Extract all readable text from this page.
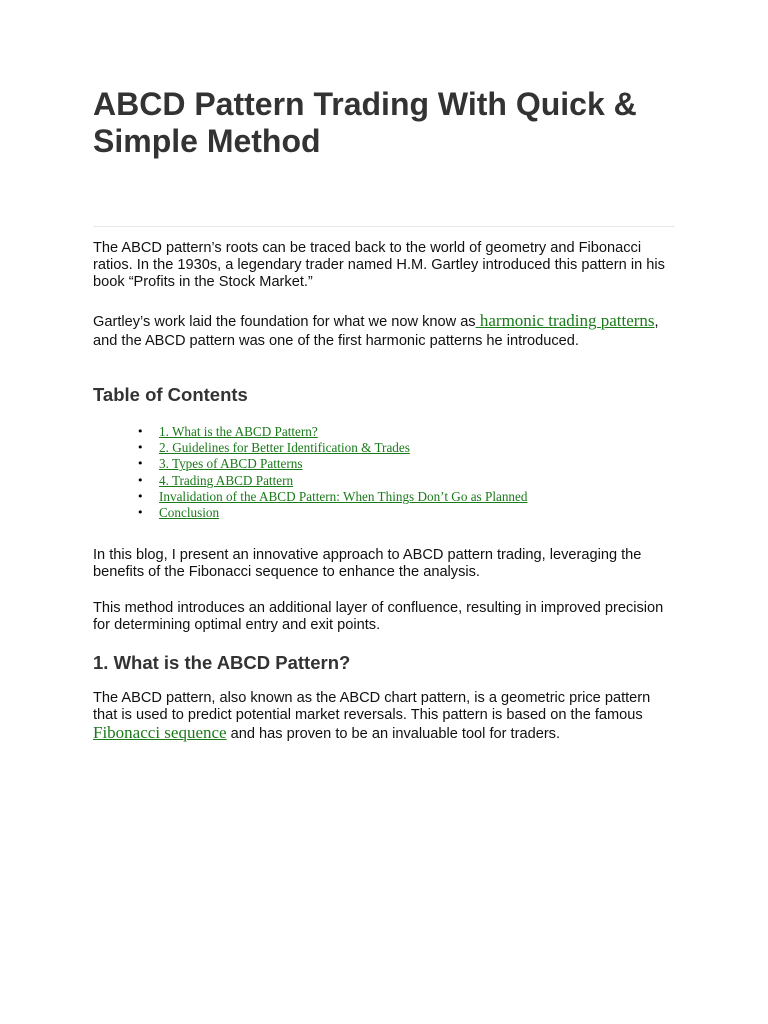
ABCD Pattern Trading With Quick & Simple Method

The ABCD pattern’s roots can be traced back to the world of geometry and Fibonacci ratios. In the 1930s, a legendary trader named H.M. Gartley introduced this pattern in his book “Profits in the Stock Market.”

Gartley’s work laid the foundation for what we now know as harmonic trading patterns, and the ABCD pattern was one of the first harmonic patterns he introduced.

Table of Contents
• 1. What is the ABCD Pattern?
• 2. Guidelines for Better Identification & Trades
• 3. Types of ABCD Patterns
• 4. Trading ABCD Pattern
• Invalidation of the ABCD Pattern: When Things Don’t Go as Planned
• Conclusion

In this blog, I present an innovative approach to ABCD pattern trading, leveraging the benefits of the Fibonacci sequence to enhance the analysis.

This method introduces an additional layer of confluence, resulting in improved precision for determining optimal entry and exit points.

1. What is the ABCD Pattern?

The ABCD pattern, also known as the ABCD chart pattern, is a geometric price pattern that is used to predict potential market reversals. This pattern is based on the famous Fibonacci sequence and has proven to be an invaluable tool for traders.
